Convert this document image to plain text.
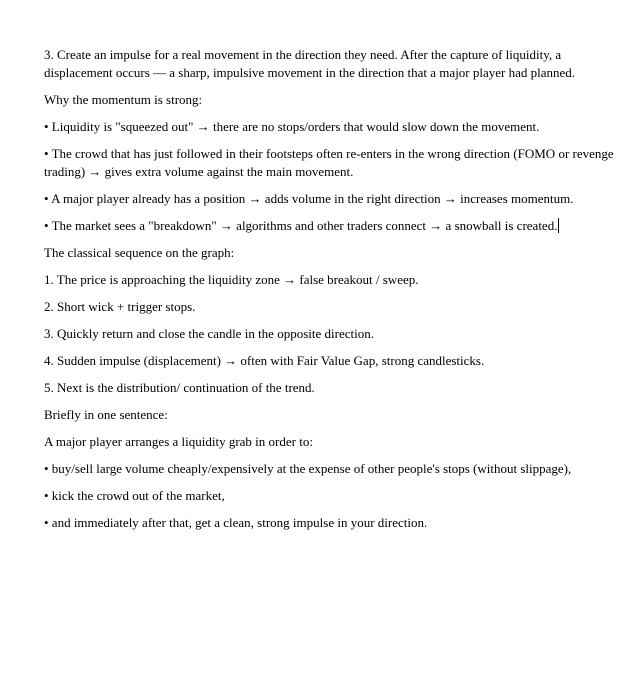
3. Create an impulse for a real movement in the direction they need. After the capture of liquidity, a displacement occurs — a sharp, impulsive movement in the direction that a major player had planned.

Why the momentum is strong:

• Liquidity is "squeezed out" → there are no stops/orders that would slow down the movement.

• The crowd that has just followed in their footsteps often re-enters in the wrong direction (FOMO or revenge trading) → gives extra volume against the main movement.

• A major player already has a position → adds volume in the right direction → increases momentum.

• The market sees a "breakdown" → algorithms and other traders connect → a snowball is created.

The classical sequence on the graph:

1. The price is approaching the liquidity zone → false breakout / sweep.

2. Short wick + trigger stops.

3. Quickly return and close the candle in the opposite direction.

4. Sudden impulse (displacement) → often with Fair Value Gap, strong candlesticks.

5. Next is the distribution/ continuation of the trend.

Briefly in one sentence:

A major player arranges a liquidity grab in order to:

• buy/sell large volume cheaply/expensively at the expense of other people's stops (without slippage),

• kick the crowd out of the market,

• and immediately after that, get a clean, strong impulse in your direction.
